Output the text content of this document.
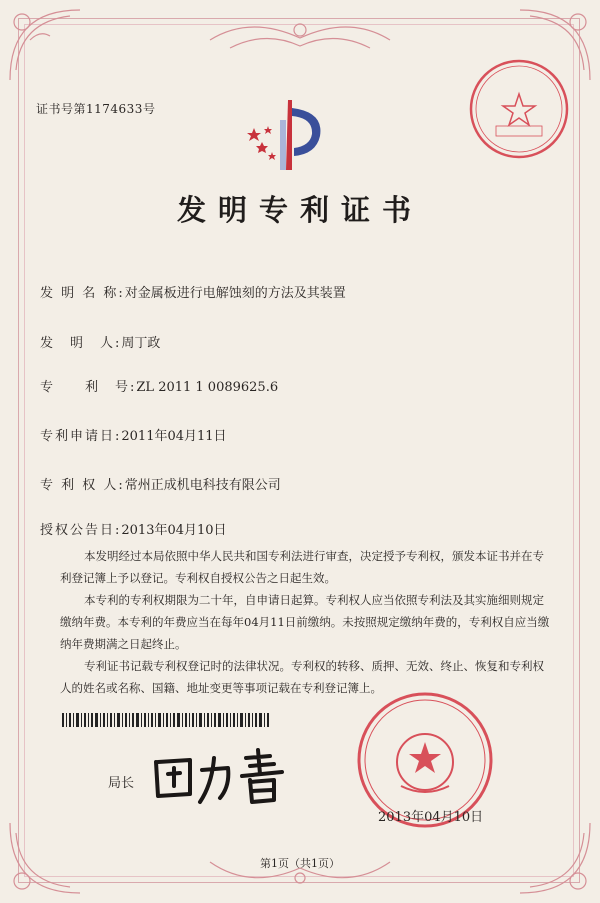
证书号第1174633号
发明专利证书
发 明 名 称:对金属板进行电解蚀刻的方法及其装置
发　明　人:周丁政
专　　利　号:ZL 2011 1 0089625.6
专利申请日:2011年04月11日
专 利 权 人:常州正成机电科技有限公司
授权公告日:2013年04月10日

本发明经过本局依照中华人民共和国专利法进行审查，决定授予专利权，颁发本证书并在专利登记簿上予以登记。专利权自授权公告之日起生效。

本专利的专利权期限为二十年，自申请日起算。专利权人应当依照专利法及其实施细则规定缴纳年费。本专利的年费应当在每年04月11日前缴纳。未按照规定缴纳年费的，专利权自应当缴纳年费期满之日起终止。

专利证书记载专利权登记时的法律状况。专利权的转移、质押、无效、终止、恢复和专利权人的姓名或名称、国籍、地址变更等事项记载在专利登记簿上。

局长
2013年04月10日
第1页（共1页）
